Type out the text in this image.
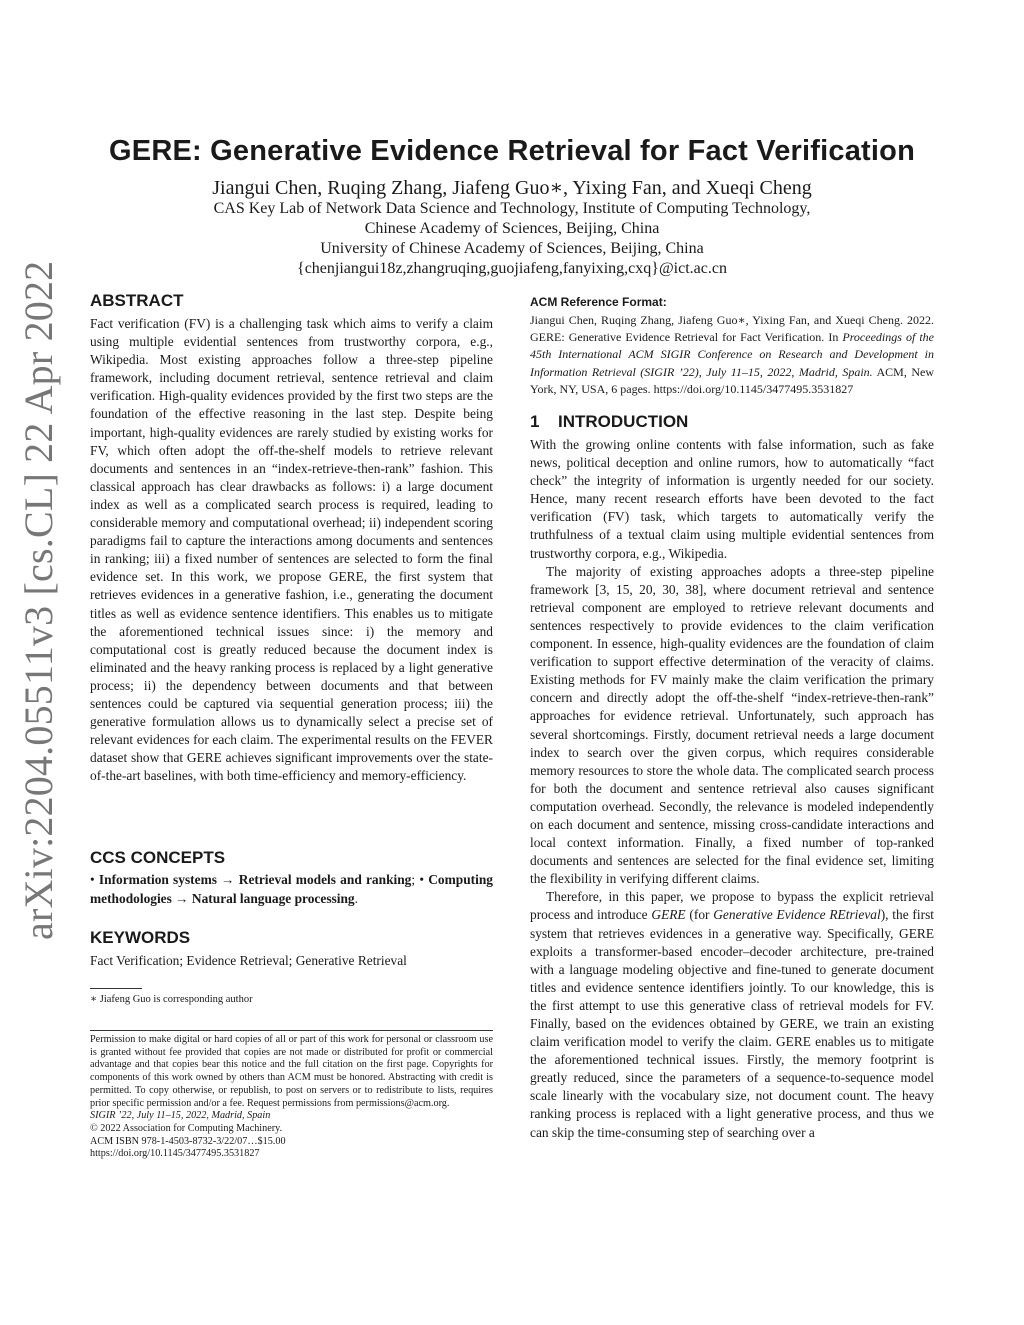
arXiv:2204.05511v3 [cs.CL] 22 Apr 2022
GERE: Generative Evidence Retrieval for Fact Verification
Jiangui Chen, Ruqing Zhang, Jiafeng Guo∗, Yixing Fan, and Xueqi Cheng
CAS Key Lab of Network Data Science and Technology, Institute of Computing Technology,
Chinese Academy of Sciences, Beijing, China
University of Chinese Academy of Sciences, Beijing, China
{chenjiangui18z,zhangruqing,guojiafeng,fanyixing,cxq}@ict.ac.cn
ABSTRACT
Fact verification (FV) is a challenging task which aims to verify a claim using multiple evidential sentences from trustworthy corpora, e.g., Wikipedia. Most existing approaches follow a three-step pipeline framework, including document retrieval, sentence retrieval and claim verification. High-quality evidences provided by the first two steps are the foundation of the effective reasoning in the last step. Despite being important, high-quality evidences are rarely studied by existing works for FV, which often adopt the off-the-shelf models to retrieve relevant documents and sentences in an “index-retrieve-then-rank” fashion. This classical approach has clear drawbacks as follows: i) a large document index as well as a complicated search process is required, leading to considerable memory and computational overhead; ii) independent scoring paradigms fail to capture the interactions among documents and sentences in ranking; iii) a fixed number of sentences are selected to form the final evidence set. In this work, we propose GERE, the first system that retrieves evidences in a generative fashion, i.e., generating the document titles as well as evidence sentence identifiers. This enables us to mitigate the aforementioned technical issues since: i) the memory and computational cost is greatly reduced because the document index is eliminated and the heavy ranking process is replaced by a light generative process; ii) the dependency between documents and that between sentences could be captured via sequential generation process; iii) the generative formulation allows us to dynamically select a precise set of relevant evidences for each claim. The experimental results on the FEVER dataset show that GERE achieves significant improvements over the state-of-the-art baselines, with both time-efficiency and memory-efficiency.
CCS CONCEPTS
• Information systems → Retrieval models and ranking; • Computing methodologies → Natural language processing.
KEYWORDS
Fact Verification; Evidence Retrieval; Generative Retrieval
∗ Jiafeng Guo is corresponding author

Permission to make digital or hard copies of all or part of this work for personal or classroom use is granted without fee provided that copies are not made or distributed for profit or commercial advantage and that copies bear this notice and the full citation on the first page. Copyrights for components of this work owned by others than ACM must be honored. Abstracting with credit is permitted. To copy otherwise, or republish, to post on servers or to redistribute to lists, requires prior specific permission and/or a fee. Request permissions from permissions@acm.org.

SIGIR ’22, July 11–15, 2022, Madrid, Spain

© 2022 Association for Computing Machinery.

ACM ISBN 978-1-4503-8732-3/22/07…$15.00

https://doi.org/10.1145/3477495.3531827

ACM Reference Format:
Jiangui Chen, Ruqing Zhang, Jiafeng Guo∗, Yixing Fan, and Xueqi Cheng. 2022. GERE: Generative Evidence Retrieval for Fact Verification. In Proceedings of the 45th International ACM SIGIR Conference on Research and Development in Information Retrieval (SIGIR ’22), July 11–15, 2022, Madrid, Spain. ACM, New York, NY, USA, 6 pages. https://doi.org/10.1145/3477495.3531827
1 INTRODUCTION

With the growing online contents with false information, such as fake news, political deception and online rumors, how to automatically “fact check” the integrity of information is urgently needed for our society. Hence, many recent research efforts have been devoted to the fact verification (FV) task, which targets to automatically verify the truthfulness of a textual claim using multiple evidential sentences from trustworthy corpora, e.g., Wikipedia.

The majority of existing approaches adopts a three-step pipeline framework [3, 15, 20, 30, 38], where document retrieval and sentence retrieval component are employed to retrieve relevant documents and sentences respectively to provide evidences to the claim verification component. In essence, high-quality evidences are the foundation of claim verification to support effective determination of the veracity of claims. Existing methods for FV mainly make the claim verification the primary concern and directly adopt the off-the-shelf “index-retrieve-then-rank” approaches for evidence retrieval. Unfortunately, such approach has several shortcomings. Firstly, document retrieval needs a large document index to search over the given corpus, which requires considerable memory resources to store the whole data. The complicated search process for both the document and sentence retrieval also causes significant computation overhead. Secondly, the relevance is modeled independently on each document and sentence, missing cross-candidate interactions and local context information. Finally, a fixed number of top-ranked documents and sentences are selected for the final evidence set, limiting the flexibility in verifying different claims.

Therefore, in this paper, we propose to bypass the explicit retrieval process and introduce GERE (for Generative Evidence REtrieval), the first system that retrieves evidences in a generative way. Specifically, GERE exploits a transformer-based encoder–decoder architecture, pre-trained with a language modeling objective and fine-tuned to generate document titles and evidence sentence identifiers jointly. To our knowledge, this is the first attempt to use this generative class of retrieval models for FV. Finally, based on the evidences obtained by GERE, we train an existing claim verification model to verify the claim. GERE enables us to mitigate the aforementioned technical issues. Firstly, the memory footprint is greatly reduced, since the parameters of a sequence-to-sequence model scale linearly with the vocabulary size, not document count. The heavy ranking process is replaced with a light generative process, and thus we can skip the time-consuming step of searching over a
